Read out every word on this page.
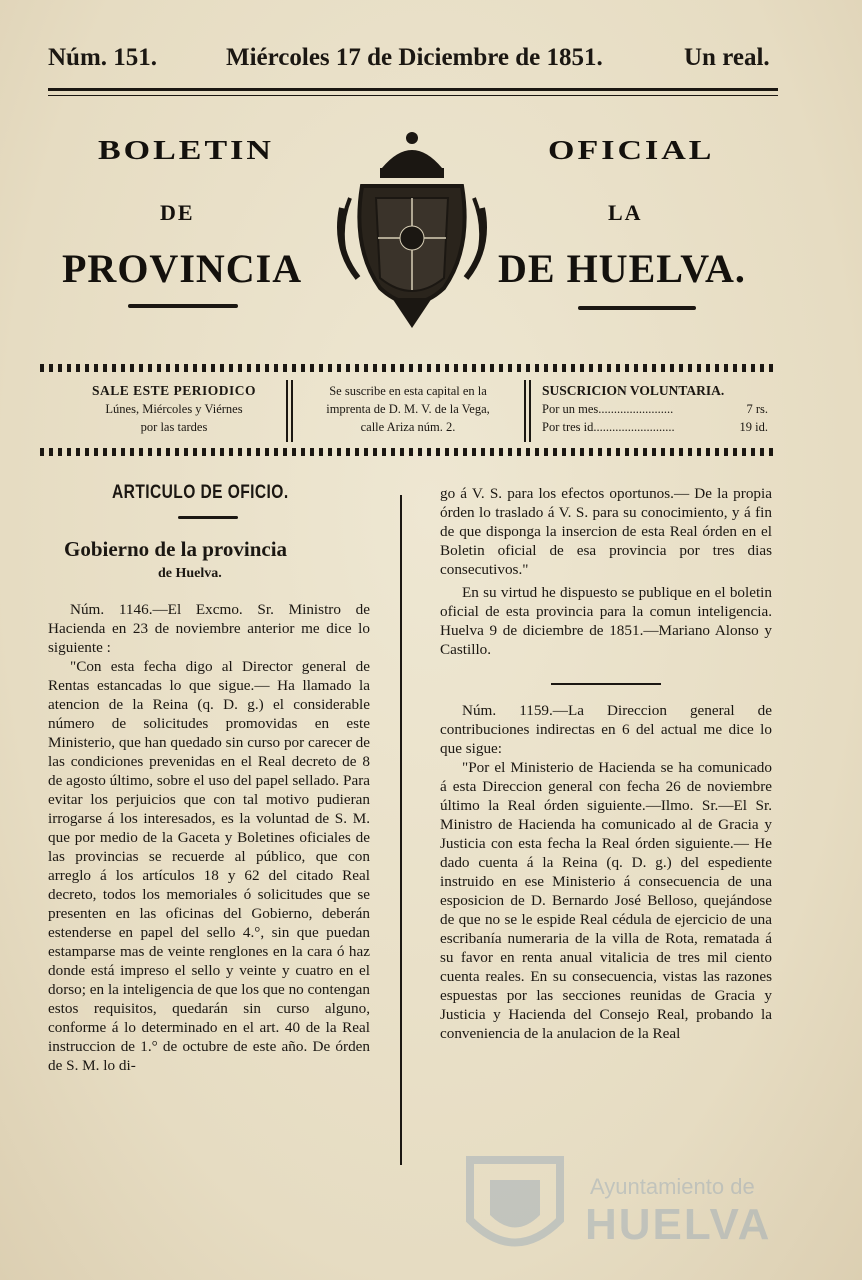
Núm. 151.	Miércoles 17 de Diciembre de 1851.	Un real.
BOLETIN	OFICIAL
DE	LA
PROVINCIA	DE HUELVA.
SALE ESTE PERIODICO
Lúnes, Miércoles y Viérnes
por las tardes
Se suscribe en esta capital en la
imprenta de D. M. V. de la Vega,
calle Ariza núm. 2.
SUSCRICION VOLUNTARIA.
Por un mes........................	7 rs.
Por tres id..........................	19 id.
ARTICULO DE OFICIO.
Gobierno de la provincia
de Huelva.

Núm. 1146.—El Excmo. Sr. Ministro de Hacienda en 23 de noviembre anterior me dice lo siguiente :

"Con esta fecha digo al Director general de Rentas estancadas lo que sigue.— Ha llamado la atencion de la Reina (q. D. g.) el considerable número de solicitudes promovidas en este Ministerio, que han quedado sin curso por carecer de las condiciones prevenidas en el Real decreto de 8 de agosto último, sobre el uso del papel sellado. Para evitar los perjuicios que con tal motivo pudieran irrogarse á los interesados, es la voluntad de S. M. que por medio de la Gaceta y Boletines oficiales de las provincias se recuerde al público, que con arreglo á los artículos 18 y 62 del citado Real decreto, todos los memoriales ó solicitudes que se presenten en las oficinas del Gobierno, deberán estenderse en papel del sello 4.°, sin que puedan estamparse mas de veinte renglones en la cara ó haz donde está impreso el sello y veinte y cuatro en el dorso; en la inteligencia de que los que no contengan estos requisitos, quedarán sin curso alguno, conforme á lo determinado en el art. 40 de la Real instruccion de 1.° de octubre de este año. De órden de S. M. lo di-

go á V. S. para los efectos oportunos.— De la propia órden lo traslado á V. S. para su conocimiento, y á fin de que disponga la insercion de esta Real órden en el Boletin oficial de esa provincia por tres dias consecutivos."

En su virtud he dispuesto se publique en el boletin oficial de esta provincia para la comun inteligencia. Huelva 9 de diciembre de 1851.—Mariano Alonso y Castillo.

Núm. 1159.—La Direccion general de contribuciones indirectas en 6 del actual me dice lo que sigue:

"Por el Ministerio de Hacienda se ha comunicado á esta Direccion general con fecha 26 de noviembre último la Real órden siguiente.—Ilmo. Sr.—El Sr. Ministro de Hacienda ha comunicado al de Gracia y Justicia con esta fecha la Real órden siguiente.— He dado cuenta á la Reina (q. D. g.) del espediente instruido en ese Ministerio á consecuencia de una esposicion de D. Bernardo José Belloso, quejándose de que no se le espide Real cédula de ejercicio de una escribanía numeraria de la villa de Rota, rematada á su favor en renta anual vitalicia de tres mil ciento cuenta reales. En su consecuencia, vistas las razones espuestas por las secciones reunidas de Gracia y Justicia y Hacienda del Consejo Real, probando la conveniencia de la anulacion de la Real

Ayuntamiento de
HUELVA
